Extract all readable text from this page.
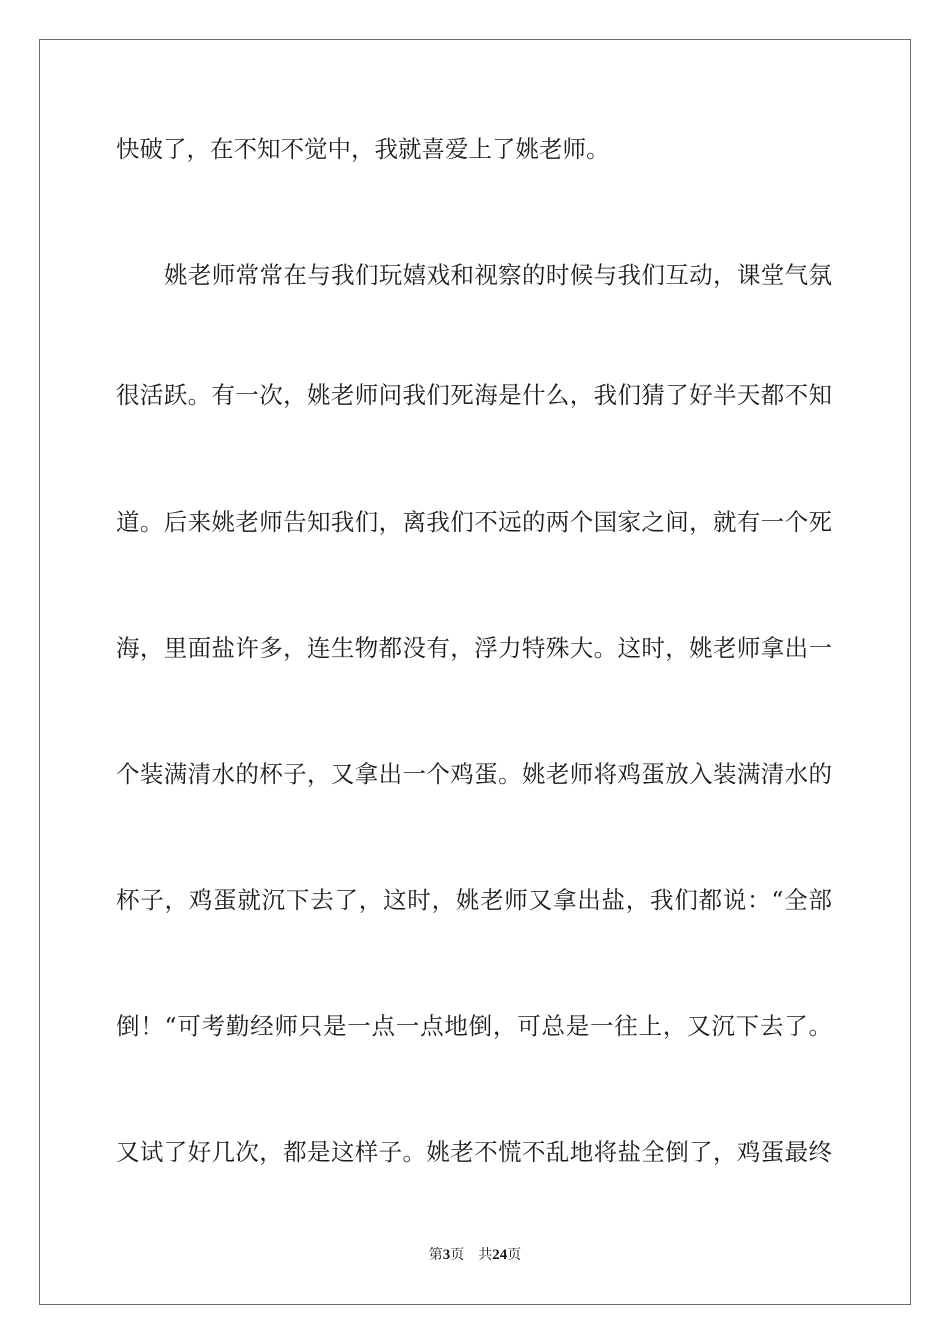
快破了，在不知不觉中，我就喜爱上了姚老师。
姚老师常常在与我们玩嬉戏和视察的时候与我们互动，课堂气氛
很活跃。有一次，姚老师问我们死海是什么，我们猜了好半天都不知
道。后来姚老师告知我们，离我们不远的两个国家之间，就有一个死
海，里面盐许多，连生物都没有，浮力特殊大。这时，姚老师拿出一
个装满清水的杯子，又拿出一个鸡蛋。姚老师将鸡蛋放入装满清水的
杯子，鸡蛋就沉下去了，这时，姚老师又拿出盐，我们都说：“全部
倒！“可考勤经师只是一点一点地倒，可总是一往上，又沉下去了。
又试了好几次，都是这样子。姚老不慌不乱地将盐全倒了，鸡蛋最终
第3页 共24页
